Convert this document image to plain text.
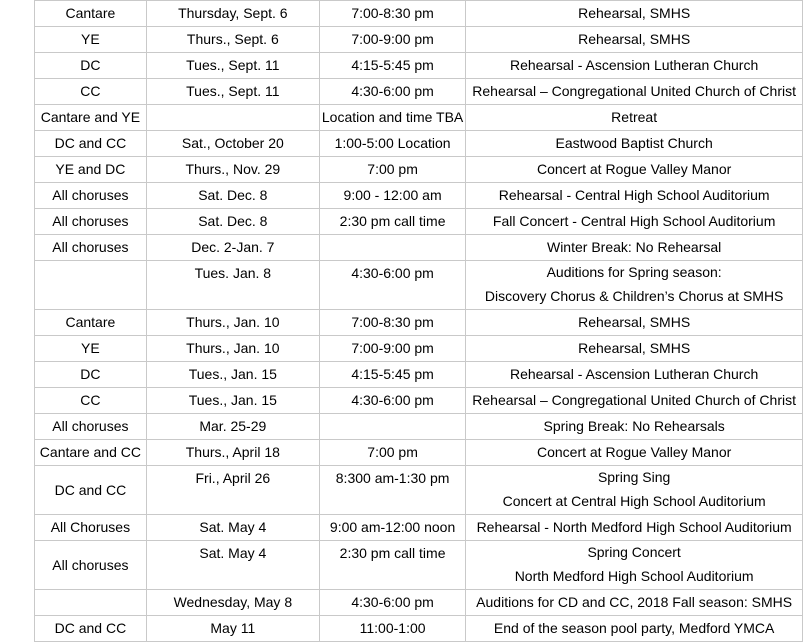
Cantare	Thursday, Sept. 6	7:00-8:30 pm	Rehearsal, SMHS
YE	Thurs., Sept. 6	7:00-9:00 pm	Rehearsal, SMHS
DC	Tues., Sept. 11	4:15-5:45 pm	Rehearsal - Ascension Lutheran Church
CC	Tues., Sept. 11	4:30-6:00 pm	Rehearsal – Congregational United Church of Christ
Cantare and YE		Location and time TBA	Retreat
DC and CC	Sat., October 20	1:00-5:00 Location	Eastwood Baptist Church
YE and DC	Thurs., Nov. 29	7:00 pm	Concert at Rogue Valley Manor
All choruses	Sat. Dec. 8	9:00 - 12:00 am	Rehearsal - Central High School Auditorium
All choruses	Sat. Dec. 8	2:30 pm call time	Fall Concert - Central High School Auditorium
All choruses	Dec. 2-Jan. 7		Winter Break: No Rehearsal
	Tues. Jan. 8	4:30-6:00 pm	Auditions for Spring season:
Discovery Chorus & Children’s Chorus at SMHS

Cantare	Thurs., Jan. 10	7:00-8:30 pm	Rehearsal, SMHS
YE	Thurs., Jan. 10	7:00-9:00 pm	Rehearsal, SMHS
DC	Tues., Jan. 15	4:15-5:45 pm	Rehearsal - Ascension Lutheran Church
CC	Tues., Jan. 15	4:30-6:00 pm	Rehearsal – Congregational United Church of Christ
All choruses	Mar. 25-29		Spring Break: No Rehearsals
Cantare and CC	Thurs., April 18	7:00 pm	Concert at Rogue Valley Manor
DC and CC	Fri., April 26	8:300 am-1:30 pm	Spring Sing
Concert at Central High School Auditorium

All Choruses	Sat. May 4	9:00 am-12:00 noon	Rehearsal - North Medford High School Auditorium
All choruses	Sat. May 4	2:30 pm call time	Spring Concert
North Medford High School Auditorium

	Wednesday, May 8	4:30-6:00 pm	Auditions for CD and CC, 2018 Fall season: SMHS
DC and CC	May 11	11:00-1:00	End of the season pool party, Medford YMCA
